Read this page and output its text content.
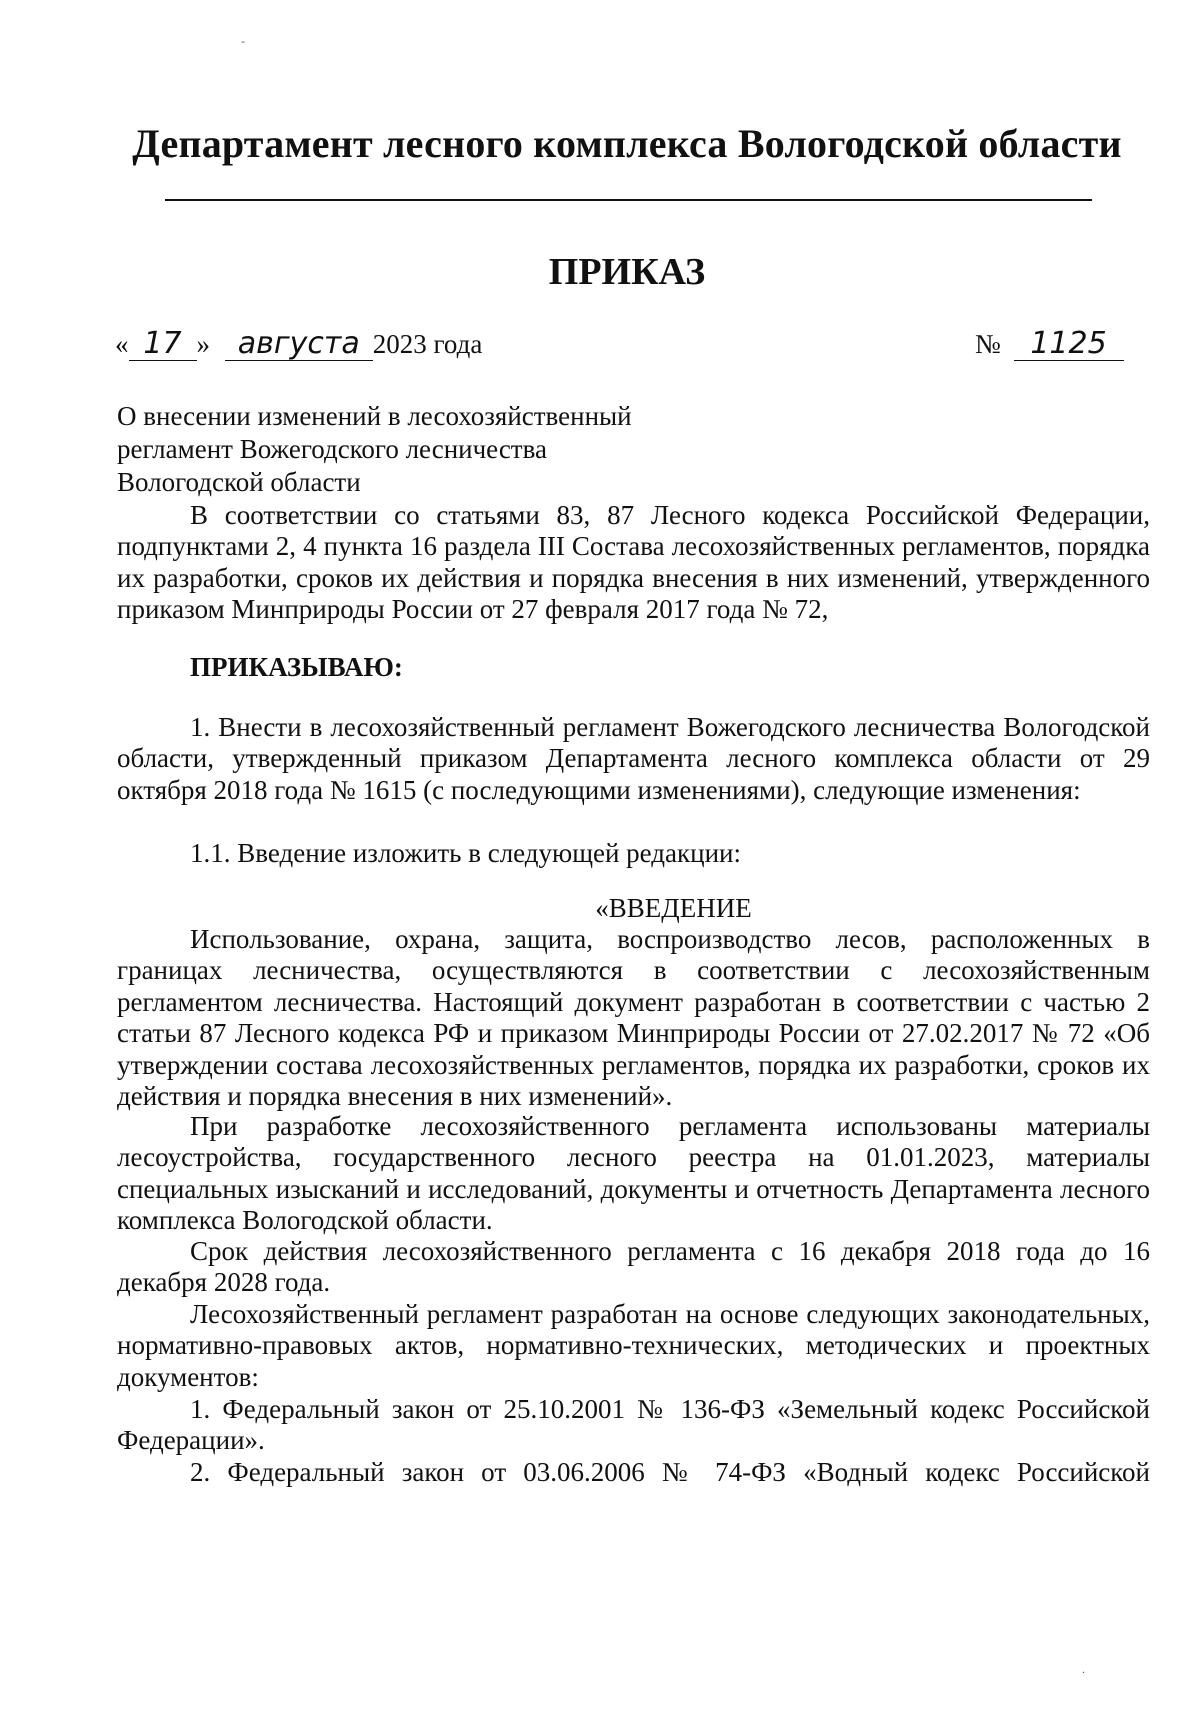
-
Департамент лесного комплекса Вологодской области
ПРИКАЗ
« 17 » августа 2023 года	№ 1125
О внесении изменений в лесохозяйственный
регламент Вожегодского лесничества
Вологодской области
В соответствии со статьями 83, 87 Лесного кодекса Российской Федерации, подпунктами 2, 4 пункта 16 раздела III Состава лесохозяйственных регламентов, порядка их разработки, сроков их действия и порядка внесения в них изменений, утвержденного приказом Минприроды России от 27 февраля 2017 года № 72,
ПРИКАЗЫВАЮ:
1. Внести в лесохозяйственный регламент Вожегодского лесничества Вологодской области, утвержденный приказом Департамента лесного комплекса области от 29 октября 2018 года № 1615 (с последующими изменениями), следующие изменения:
1.1. Введение изложить в следующей редакции:
«ВВЕДЕНИЕ
Использование, охрана, защита, воспроизводство лесов, расположенных в границах лесничества, осуществляются в соответствии с лесохозяйственным регламентом лесничества. Настоящий документ разработан в соответствии с частью 2 статьи 87 Лесного кодекса РФ и приказом Минприроды России от 27.02.2017 № 72 «Об утверждении состава лесохозяйственных регламентов, порядка их разработки, сроков их действия и порядка внесения в них изменений».
При разработке лесохозяйственного регламента использованы материалы лесоустройства, государственного лесного реестра на 01.01.2023, материалы специальных изысканий и исследований, документы и отчетность Департамента лесного комплекса Вологодской области.
Срок действия лесохозяйственного регламента с 16 декабря 2018 года до 16 декабря 2028 года.
Лесохозяйственный регламент разработан на основе следующих законодательных, нормативно-правовых актов, нормативно-технических, методических и проектных документов:
1. Федеральный закон от 25.10.2001 № 136-ФЗ «Земельный кодекс Российской Федерации».
2. Федеральный закон от 03.06.2006 № 74-ФЗ «Водный кодекс Российской
.
